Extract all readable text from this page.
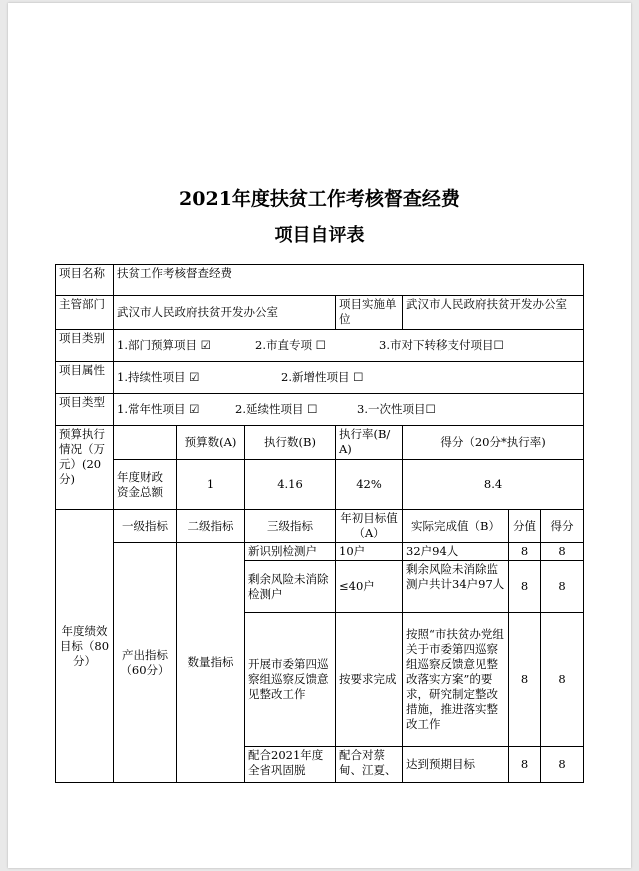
2021年度扶贫工作考核督查经费
项目自评表
项目名称	扶贫工作考核督查经费						
主管部门	武汉市人民政府扶贫开发办公室			项目实施单位	武汉市人民政府扶贫开发办公室		
项目类别	1.部门预算项目 ☑ 2.市直专项 ☐ 3.市对下转移支付项目☐						
项目属性	1.持续性项目 ☑ 2.新增性项目 ☐						
项目类型	1.常年性项目 ☑ 2.延续性项目 ☐ 3.一次性项目☐						
预算执行情况（万元）(20分)		预算数(A)	执行数(B)	执行率(B/A)	得分（20分*执行率)		
	年度财政资金总额	1	4.16	42%	8.4		
年度绩效目标（80分）	一级指标	二级指标	三级指标	年初目标值（A）	实际完成值（B）	分值	得分
	产出指标（60分）	数量指标	新识别检测户	10户	32户94人	8	8
			剩余风险未消除检测户	≤40户	剩余风险未消除监测户共计34户97人	8	8
			开展市委第四巡察组巡察反馈意见整改工作	按要求完成	按照“市扶贫办党组关于市委第四巡察组巡察反馈意见整改落实方案”的要求，研究制定整改措施，推进落实整改工作	8	8
			配合2021年度全省巩固脱	配合对蔡甸、江夏、	达到预期目标	8	8
